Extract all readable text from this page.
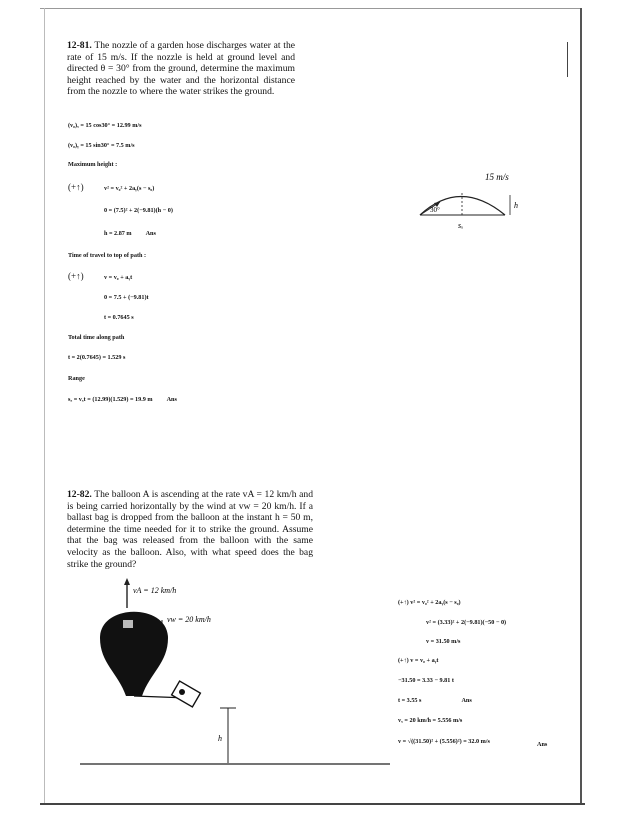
12-81. The nozzle of a garden hose discharges water at the rate of 15 m/s. If the nozzle is held at ground level and directed θ = 30° from the ground, determine the maximum height reached by the water and the horizontal distance from the nozzle to where the water strikes the ground.
(v₀)ₓ = 15 cos30° = 12.99 m/s
(v₀)ᵧ = 15 sin30° = 7.5 m/s
Maximum height :
(+↑)	v² = v₀² + 2aᵧ(s − s₀)
0 = (7.5)² + 2(−9.81)(h − 0)
h = 2.87 m Ans
Time of travel to top of path :
(+↑)	v = v₀ + aᵧt
0 = 7.5 + (−9.81)t
t = 0.7645 s
Total time along path
t = 2(0.7645) = 1.529 s
Range
sₓ = vₓt = (12.99)(1.529) = 19.9 m Ans
15 m/s
30°	h
sₓ
12-82. The balloon A is ascending at the rate vA = 12 km/h and is being carried horizontally by the wind at vw = 20 km/h. If a ballast bag is dropped from the balloon at the instant h = 50 m, determine the time needed for it to strike the ground. Assume that the bag was released from the balloon with the same velocity as the balloon. Also, with what speed does the bag strike the ground?
vA = 12 km/h
vw = 20 km/h
h
(+↑) v² = v₀² + 2aᵧ(s − s₀)
v² = (3.33)² + 2(−9.81)(−50 − 0)
v = 31.50 m/s
(+↑) v = v₀ + aᵧt
−31.50 = 3.33 − 9.81 t
t = 3.55 s	Ans
vₓ = 20 km/h = 5.556 m/s
v = √((31.50)² + (5.556)²) = 32.0 m/s	Ans
